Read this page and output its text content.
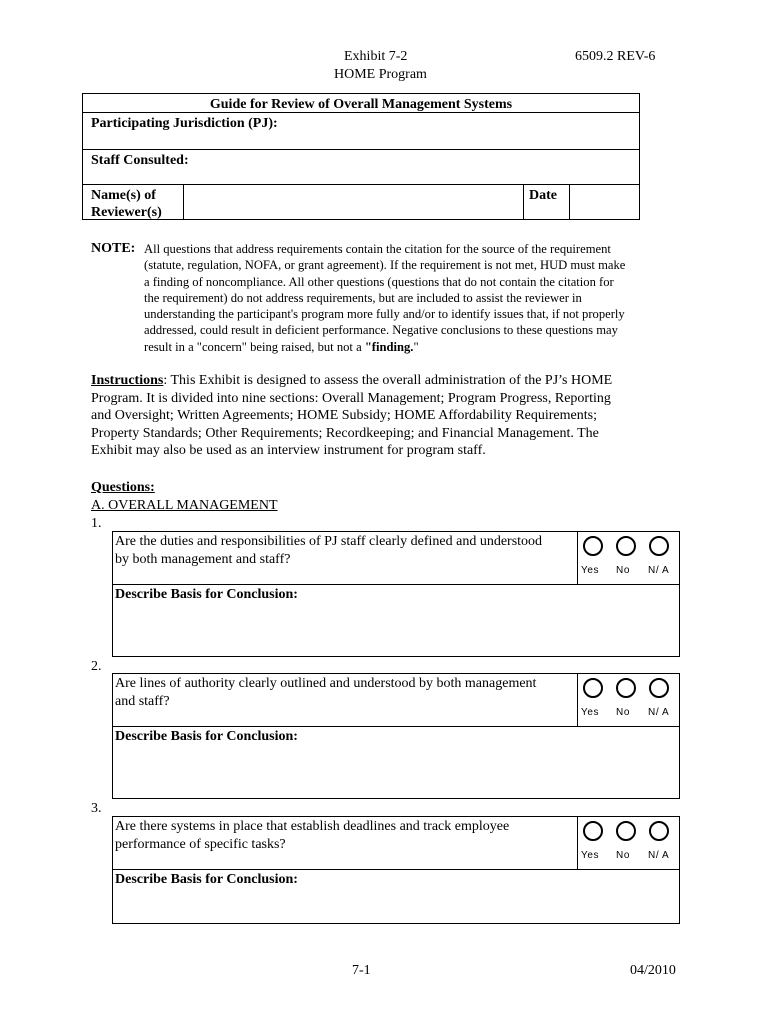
Exhibit 7-2
HOME Program
6509.2 REV-6
Guide for Review of Overall Management Systems
Participating Jurisdiction (PJ):
Staff Consulted:
Name(s) of
Reviewer(s)
Date
NOTE: All questions that address requirements contain the citation for the source of the requirement

(statute, regulation, NOFA, or grant agreement). If the requirement is not met, HUD must make

a finding of noncompliance. All other questions (questions that do not contain the citation for

the requirement) do not address requirements, but are included to assist the reviewer in

understanding the participant's program more fully and/or to identify issues that, if not properly

addressed, could result in deficient performance. Negative conclusions to these questions may

result in a "concern" being raised, but not a "finding."

Instructions: This Exhibit is designed to assess the overall administration of the PJ’s HOME
Program. It is divided into nine sections: Overall Management; Program Progress, Reporting
and Oversight; Written Agreements; HOME Subsidy; HOME Affordability Requirements;
Property Standards; Other Requirements; Recordkeeping; and Financial Management. The
Exhibit may also be used as an interview instrument for program staff.
Questions:
A. OVERALL MANAGEMENT
1.
Are the duties and responsibilities of PJ staff clearly defined and understood
by both management and staff?
Yes No N/ A
Describe Basis for Conclusion:
2.
Are lines of authority clearly outlined and understood by both management
and staff?
Yes No N/ A
Describe Basis for Conclusion:
3.
Are there systems in place that establish deadlines and track employee
performance of specific tasks?
Yes No N/ A
Describe Basis for Conclusion:
7-1	04/2010
